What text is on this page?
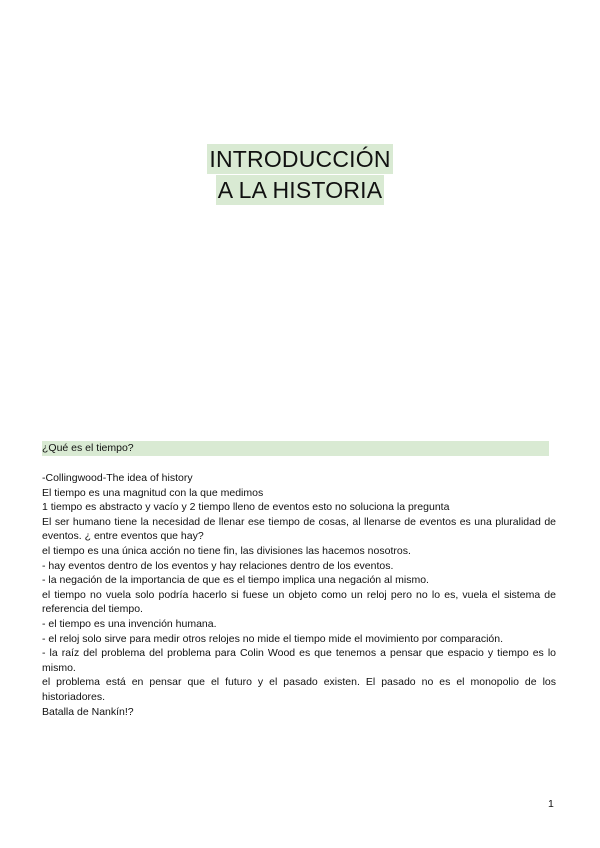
INTRODUCCIÓN
A LA HISTORIA
¿Qué es el tiempo?

-Collingwood-The idea of history

El tiempo es una magnitud con la que medimos

1 tiempo es abstracto y vacío y 2 tiempo lleno de eventos esto no soluciona la pregunta

El ser humano tiene la necesidad de llenar ese tiempo de cosas, al llenarse de eventos es una pluralidad de eventos. ¿ entre eventos que hay?

el tiempo es una única acción no tiene fin, las divisiones las hacemos nosotros.

- hay eventos dentro de los eventos y hay relaciones dentro de los eventos.

- la negación de la importancia de que es el tiempo implica una negación al mismo.

el tiempo no vuela solo podría hacerlo si fuese un objeto como un reloj pero no lo es, vuela el sistema de referencia del tiempo.

- el tiempo es una invención humana.

- el reloj solo sirve para medir otros relojes no mide el tiempo mide el movimiento por comparación.

- la raíz del problema del problema para Colin Wood es que tenemos a pensar que espacio y tiempo es lo mismo.

el problema está en pensar que el futuro y el pasado existen. El pasado no es el monopolio de los historiadores.

Batalla de Nankín!?

1
